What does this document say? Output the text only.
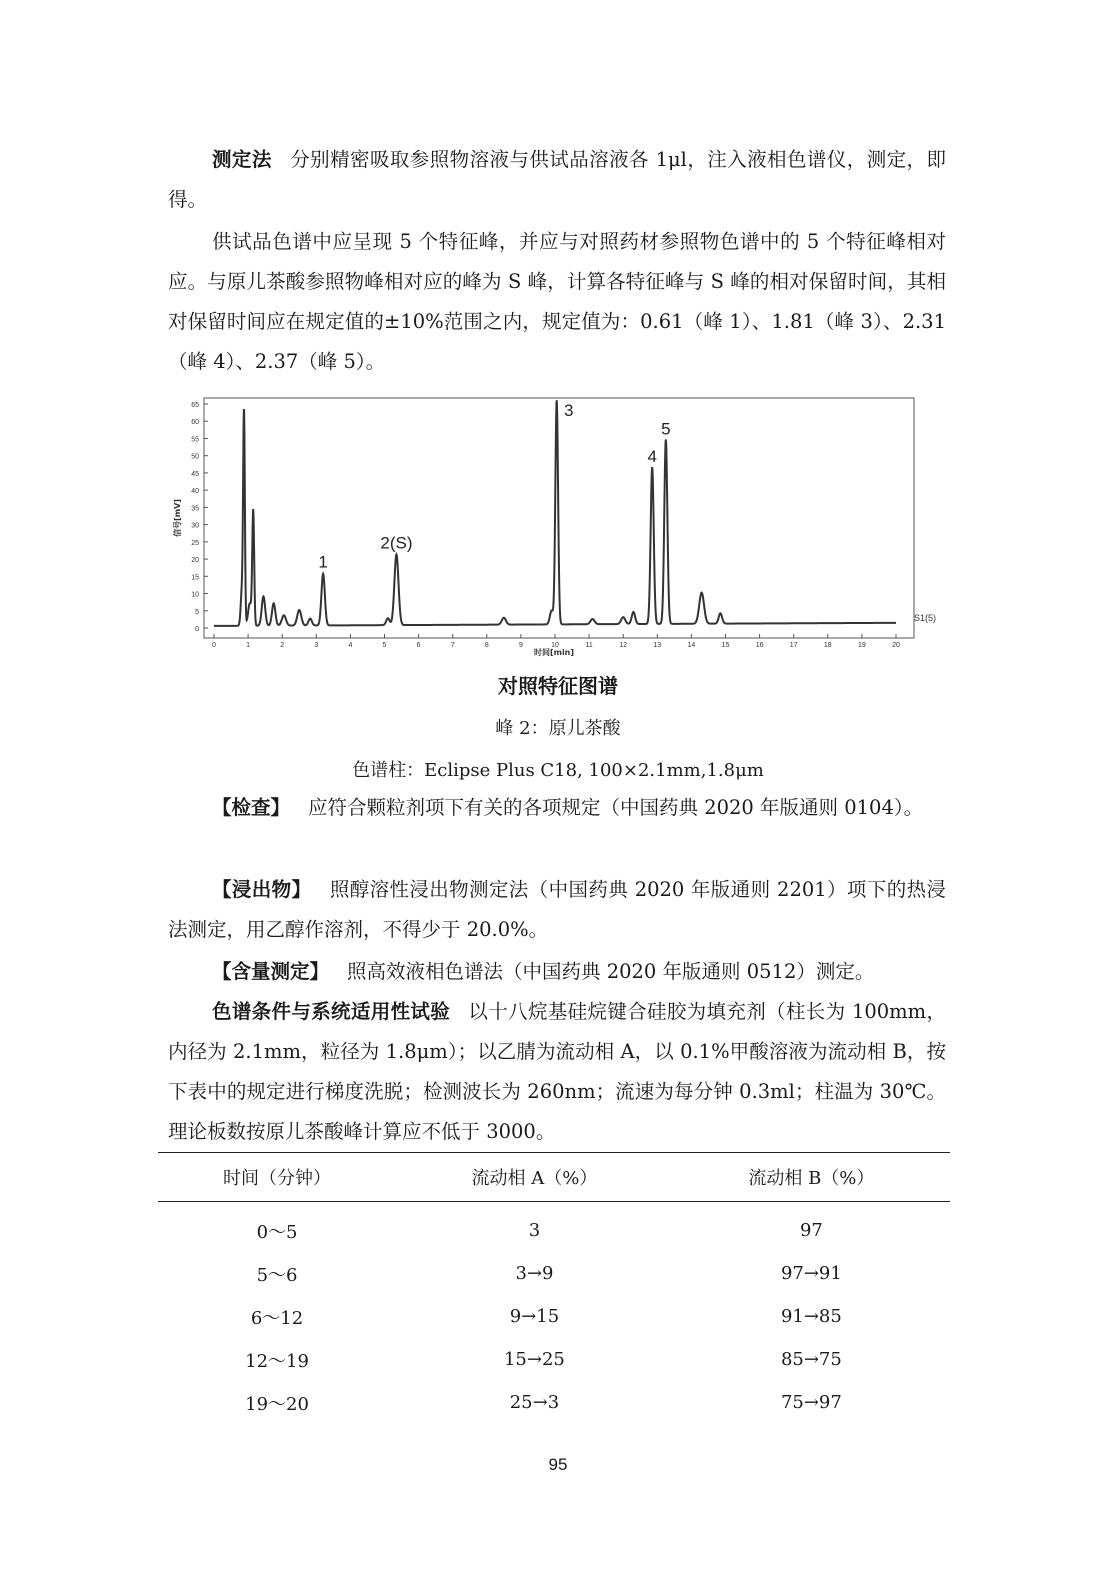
测定法 分别精密吸取参照物溶液与供试品溶液各 1μl，注入液相色谱仪，测定，即得。

供试品色谱中应呈现 5 个特征峰，并应与对照药材参照物色谱中的 5 个特征峰相对应。与原儿茶酸参照物峰相对应的峰为 S 峰，计算各特征峰与 S 峰的相对保留时间，其相对保留时间应在规定值的±10%范围之内，规定值为：0.61（峰 1）、1.81（峰 3）、2.31（峰 4）、2.37（峰 5）。

0
5
10
15
20
25
30
35
40
45
50
55
60
65
0	1	2	3	4	5	6	7	8	9	10	11	12	13	14	15	16	17	18	19	20
1
2(S)
3
4
5
S1(5)
时间[min]
信号[mV]

对照特征图谱

峰 2：原儿茶酸

色谱柱：Eclipse Plus C18, 100×2.1mm,1.8μm

【检查】 应符合颗粒剂项下有关的各项规定（中国药典 2020 年版通则 0104）。

【浸出物】 照醇溶性浸出物测定法（中国药典 2020 年版通则 2201）项下的热浸法测定，用乙醇作溶剂，不得少于 20.0%。

【含量测定】 照高效液相色谱法（中国药典 2020 年版通则 0512）测定。

色谱条件与系统适用性试验 以十八烷基硅烷键合硅胶为填充剂（柱长为 100mm，内径为 2.1mm，粒径为 1.8μm）；以乙腈为流动相 A，以 0.1%甲酸溶液为流动相 B，按下表中的规定进行梯度洗脱；检测波长为 260nm；流速为每分钟 0.3ml；柱温为 30℃。理论板数按原儿茶酸峰计算应不低于 3000。

时间（分钟）	流动相 A（%）	流动相 B（%）
0～5	3	97
5～6	3→9	97→91
6～12	9→15	91→85
12～19	15→25	85→75
19～20	25→3	75→97
95
